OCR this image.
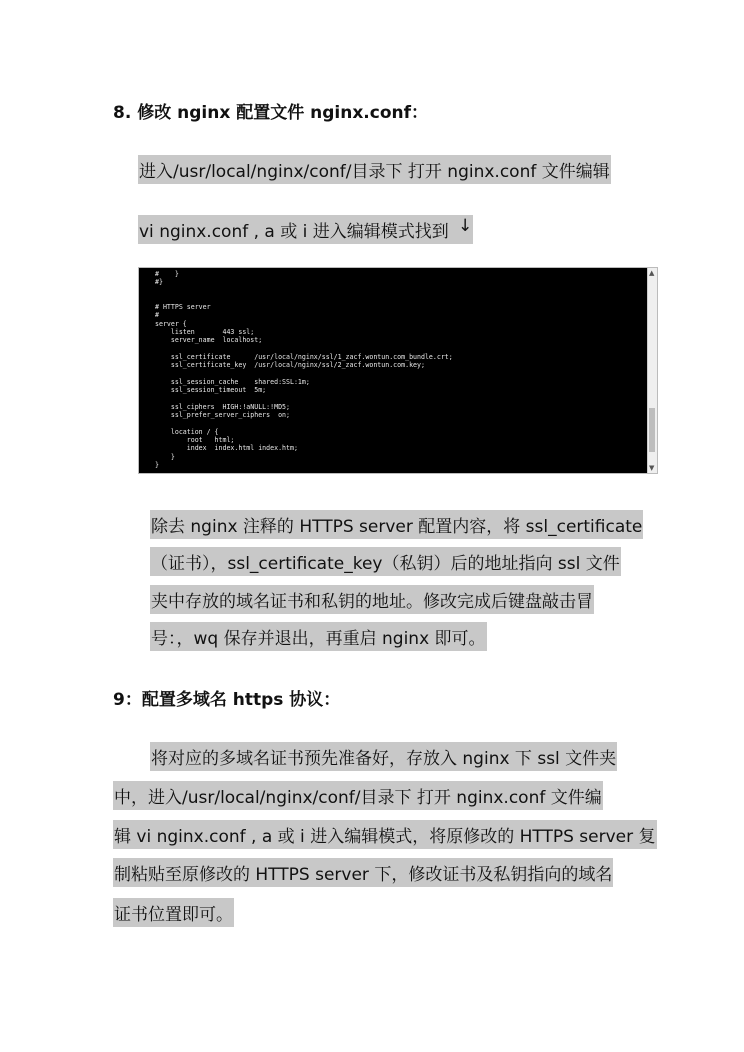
8. 修改 nginx 配置文件 nginx.conf：
进入/usr/local/nginx/conf/目录下 打开 nginx.conf 文件编辑
vi nginx.conf , a 或 i 进入编辑模式找到 ↓
#    }
#}

# HTTPS server
#
server {
listen       443 ssl;
server_name  localhost;

ssl_certificate      /usr/local/nginx/ssl/1_zacf.wontun.com_bundle.crt;
ssl_certificate_key  /usr/local/nginx/ssl/2_zacf.wontun.com.key;

ssl_session_cache    shared:SSL:1m;
ssl_session_timeout  5m;

ssl_ciphers  HIGH:!aNULL:!MD5;
ssl_prefer_server_ciphers  on;

location / {
root   html;
index  index.html index.htm;
}
}
▲
▼
除去 nginx 注释的 HTTPS server 配置内容，将 ssl_certificate
（证书），ssl_certificate_key（私钥）后的地址指向 ssl 文件
夹中存放的域名证书和私钥的地址。修改完成后键盘敲击冒
号：，wq 保存并退出，再重启 nginx 即可。
9：配置多域名 https 协议：
将对应的多域名证书预先准备好，存放入 nginx 下 ssl 文件夹
中，进入/usr/local/nginx/conf/目录下 打开 nginx.conf 文件编
辑 vi nginx.conf , a 或 i 进入编辑模式，将原修改的 HTTPS server 复
制粘贴至原修改的 HTTPS server 下，修改证书及私钥指向的域名
证书位置即可。
